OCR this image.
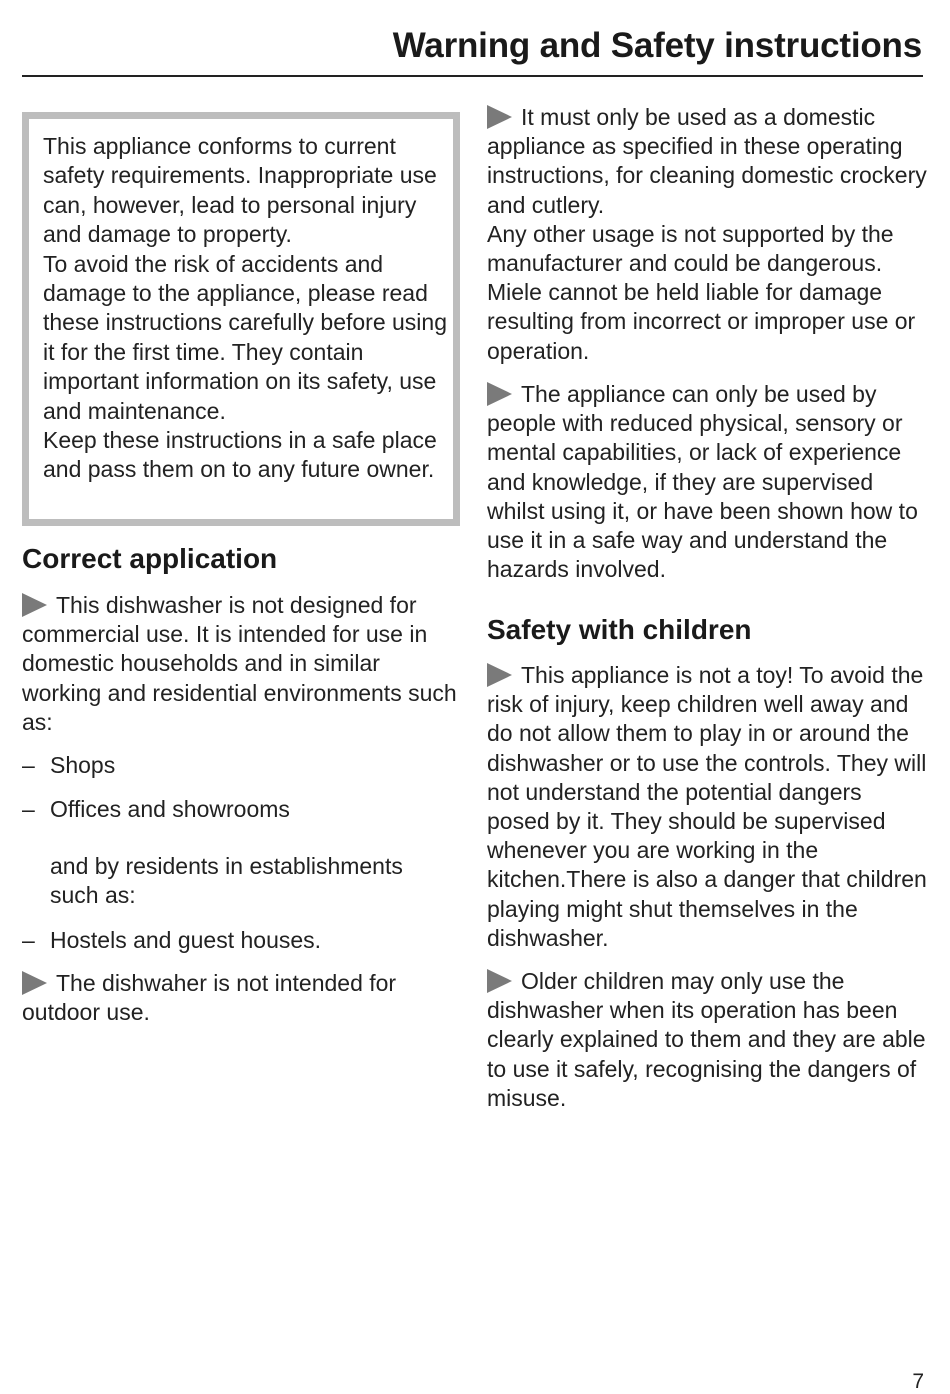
Warning and Safety instructions

This appliance conforms to current safety requirements. Inappropriate use can, however, lead to personal injury and damage to property.

To avoid the risk of accidents and damage to the appliance, please read these instructions carefully before using it for the first time. They contain important information on its safety, use and maintenance.

Keep these instructions in a safe place and pass them on to any future owner.

Correct application

This dishwasher is not designed for commercial use. It is intended for use in domestic households and in similar working and residential environments such as:

– Shops
– Offices and showrooms
and by residents in establishments such as:
– Hostels and guest houses.

The dishwaher is not intended for outdoor use.

It must only be used as a domestic appliance as specified in these operating instructions, for cleaning domestic crockery and cutlery.

Any other usage is not supported by the manufacturer and could be dangerous. Miele cannot be held liable for damage resulting from incorrect or improper use or operation.

The appliance can only be used by people with reduced physical, sensory or mental capabilities, or lack of experience and knowledge, if they are supervised whilst using it, or have been shown how to use it in a safe way and understand the hazards involved.

Safety with children

This appliance is not a toy! To avoid the risk of injury, keep children well away and do not allow them to play in or around the dishwasher or to use the controls. They will not understand the potential dangers posed by it. They should be supervised whenever you are working in the kitchen.There is also a danger that children playing might shut themselves in the dishwasher.

Older children may only use the dishwasher when its operation has been clearly explained to them and they are able to use it safely, recognising the dangers of misuse.

7
